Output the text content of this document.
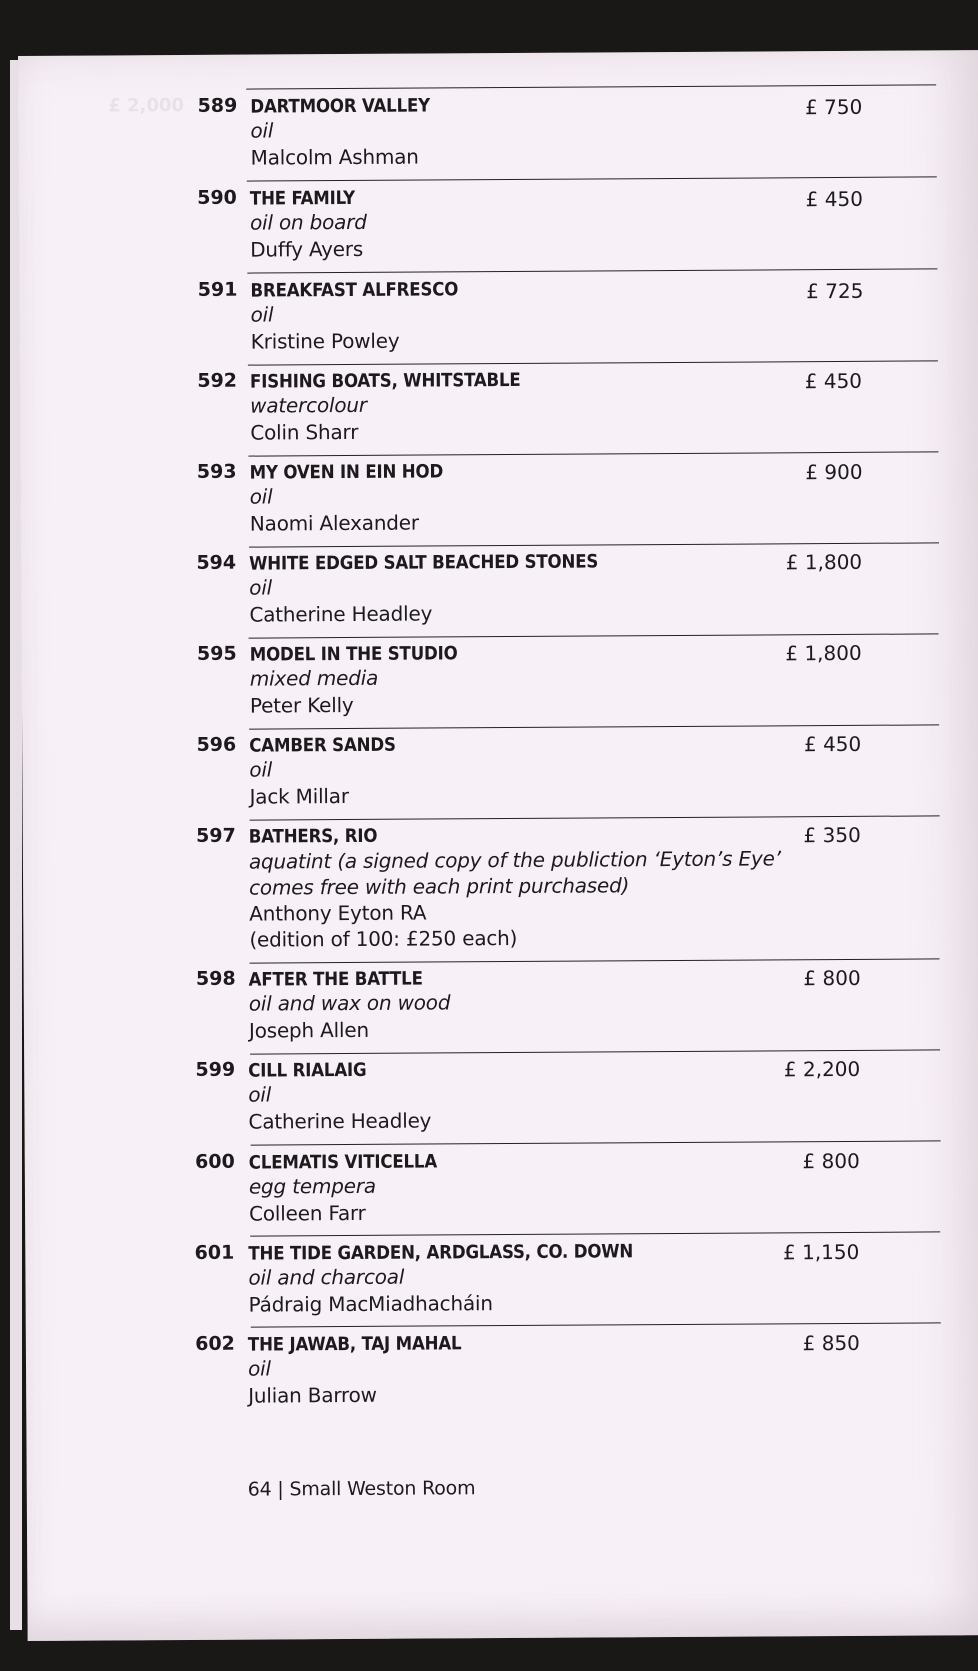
£ 2,000 589 DARTMOOR VALLEY
oil
Malcolm Ashman
£ 750
590 THE FAMILY
oil on board
Duffy Ayers
£ 450
591 BREAKFAST ALFRESCO
oil
Kristine Powley
£ 725
592 FISHING BOATS, WHITSTABLE
watercolour
Colin Sharr
£ 450
593 MY OVEN IN EIN HOD
oil
Naomi Alexander
£ 900
594 WHITE EDGED SALT BEACHED STONES
oil
Catherine Headley
£ 1,800
595 MODEL IN THE STUDIO
mixed media
Peter Kelly
£ 1,800
596 CAMBER SANDS
oil
Jack Millar
£ 450
597 BATHERS, RIO
aquatint (a signed copy of the publiction ‘Eyton’s Eye’
comes free with each print purchased)
Anthony Eyton RA
(edition of 100: £250 each)
£ 350
598 AFTER THE BATTLE
oil and wax on wood
Joseph Allen
£ 800
599 CILL RIALAIG
oil
Catherine Headley
£ 2,200
600 CLEMATIS VITICELLA
egg tempera
Colleen Farr
£ 800
601 THE TIDE GARDEN, ARDGLASS, CO. DOWN
oil and charcoal
Pádraig MacMiadhacháin
£ 1,150
602 THE JAWAB, TAJ MAHAL
oil
Julian Barrow
£ 850
64 | Small Weston Room
